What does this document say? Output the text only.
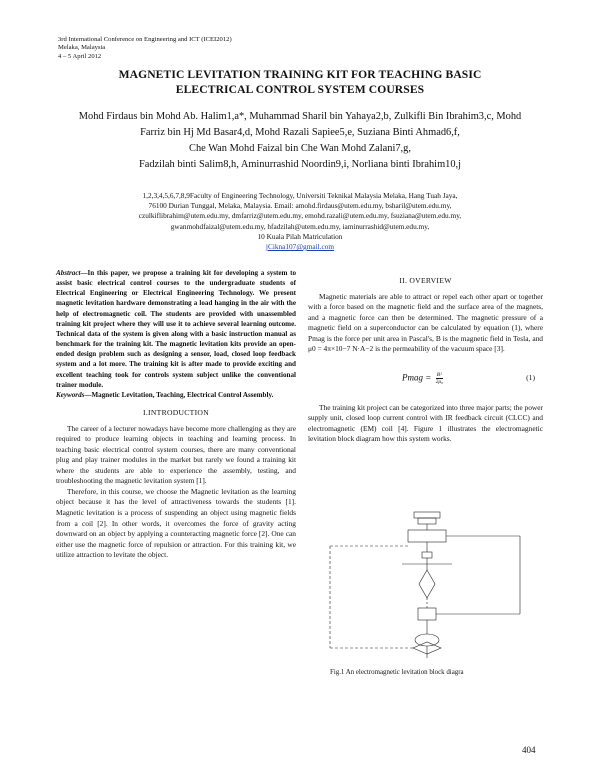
3rd International Conference on Engineering and ICT (ICEI2012)
Melaka, Malaysia
4 – 5 April 2012
MAGNETIC LEVITATION TRAINING KIT FOR TEACHING BASIC
ELECTRICAL CONTROL SYSTEM COURSES
Mohd Firdaus bin Mohd Ab. Halim1,a*, Muhammad Sharil bin Yahaya2,b, Zulkifli Bin Ibrahim3,c, Mohd
Farriz bin Hj Md Basar4,d, Mohd Razali Sapiee5,e, Suziana Binti Ahmad6,f,
Che Wan Mohd Faizal bin Che Wan Mohd Zalani7,g,
Fadzilah binti Salim8,h, Aminurrashid Noordin9,i, Norliana binti Ibrahim10,j
1,2,3,4,5,6,7,8,9Faculty of Engineering Technology, Universiti Teknikal Malaysia Melaka, Hang Tuah Jaya,
76100 Durian Tunggal, Melaka, Malaysia. Email: amohd.firdaus@utem.edu.my, bsharil@utem.edu.my,
czulkiflibrahim@utem.edu.my, dmfarriz@utem.edu.my, emohd.razali@utem.edu.my, fsuziana@utem.edu.my,
gwanmohdfaizal@utem.edu.my, hfadzilah@utem.edu.my, iaminurrashid@utem.edu.my,
10 Kuala Pilah Matriculation
jCikna107@gmail.com
Abstract—In this paper, we propose a training kit for developing a system to assist basic electrical control courses to the undergraduate students of Electrical Engineering or Electrical Engineering Technology. We present magnetic levitation hardware demonstrating a load hanging in the air with the help of electromagnetic coil. The students are provided with unassembled training kit project where they will use it to achieve several learning outcome. Technical data of the system is given along with a basic instruction manual as benchmark for the training kit. The magnetic levitation kits provide an open-ended design problem such as designing a sensor, load, closed loop feedback system and a lot more. The training kit is after made to provide exciting and excellent teaching took for controls system subject unlike the conventional trainer module.
Keywords—Magnetic Levitation, Teaching, Electrical Control Assembly.
I.INTRODUCTION

The career of a lecturer nowadays have become more challenging as they are required to produce learning objects in teaching and learning process. In teaching basic electrical control system courses, there are many conventional plug and play trainer modules in the market but rarely we found a training kit where the students are able to experience the assembly, testing, and troubleshooting the magnetic levitation system [1].

Therefore, in this course, we choose the Magnetic levitation as the learning object because it has the level of attractiveness towards the students [1]. Magnetic levitation is a process of suspending an object using magnetic fields from a coil [2]. In other words, it overcomes the force of gravity acting downward on an object by applying a counteracting magnetic force [2]. One can either use the magnetic force of repulsion or attraction. For this training kit, we utilize attraction to levitate the object.

II. OVERVIEW

Magnetic materials are able to attract or repel each other apart or together with a force based on the magnetic field and the surface area of the magnets, and a magnetic force can then be determined. The magnetic pressure of a magnetic field on a superconductor can be calculated by equation (1), where Pmag is the force per unit area in Pascal's, B is the magnetic field in Tesla, and μ0 = 4π×10−7 N·A−2 is the permeability of the vacuum space [3].

Pmag = $\frac{\text{B²}}{\text{2μ₀}}$	(1)

The training kit project can be categorized into three major parts; the power supply unit, closed loop current control with IR feedback circuit (CLCC) and electromagnetic (EM) coil [4]. Figure 1 illustrates the electromagnetic levitation block diagram how this system works.

Fig.1 An electromagnetic levitation block diagra
404
